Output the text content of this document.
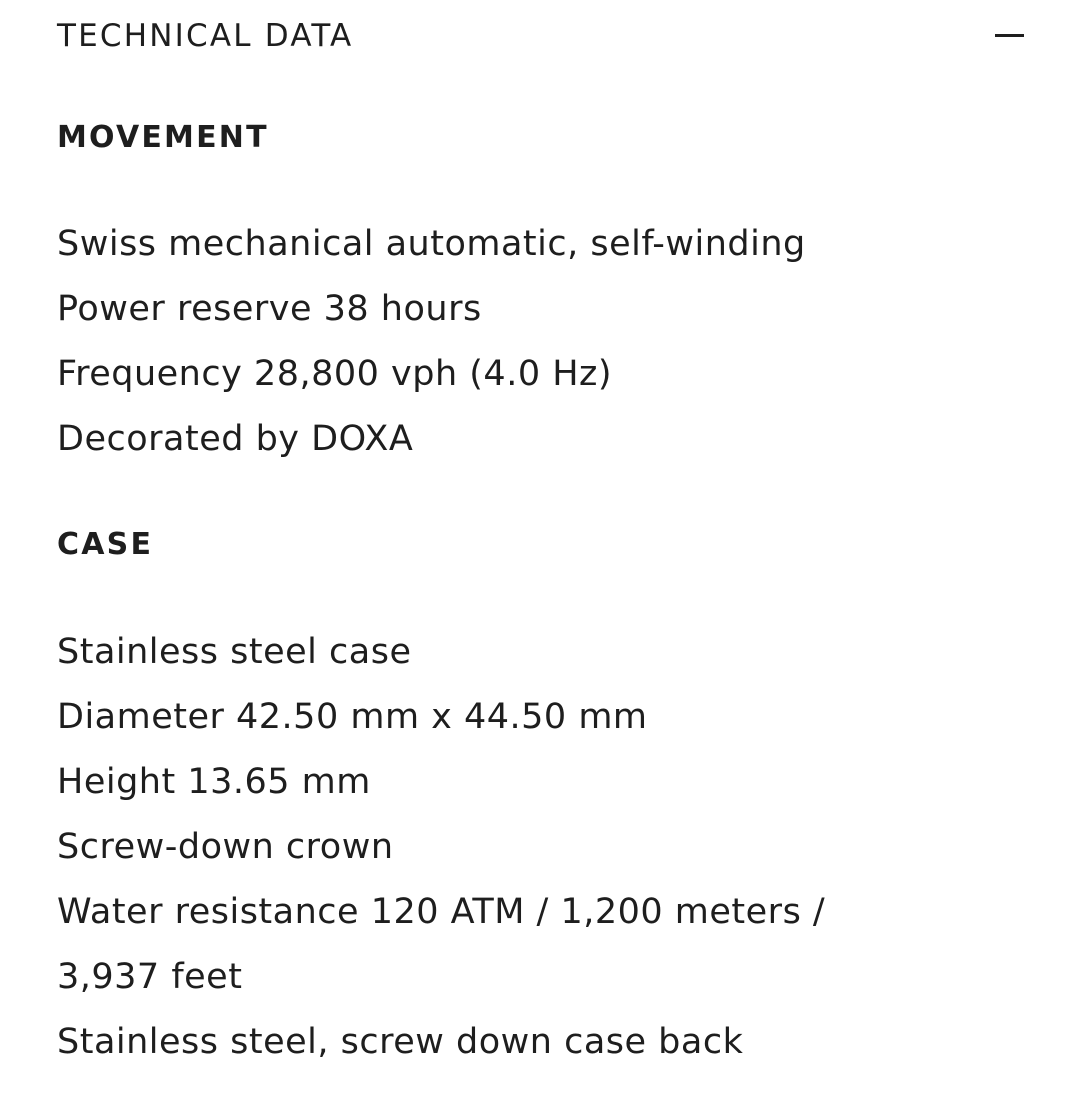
TECHNICAL DATA
MOVEMENT
Swiss mechanical automatic, self-winding
Power reserve 38 hours
Frequency 28,800 vph (4.0 Hz)
Decorated by DOXA
CASE
Stainless steel case
Diameter 42.50 mm x 44.50 mm
Height 13.65 mm
Screw-down crown
Water resistance 120 ATM / 1,200 meters /
3,937 feet
Stainless steel, screw down case back
